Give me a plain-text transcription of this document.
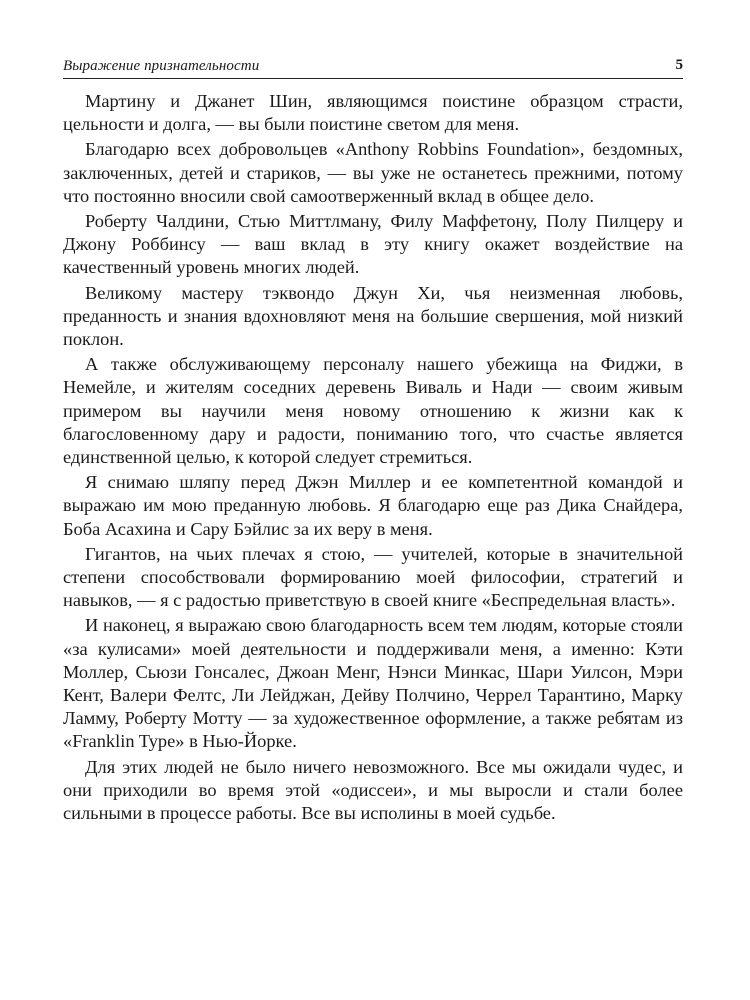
Выражение признательности	5

Мартину и Джанет Шин, являющимся поистине образцом страсти, цельности и долга, — вы были поистине светом для меня.

Благодарю всех добровольцев «Anthony Robbins Foundation», бездомных, заключенных, детей и стариков, — вы уже не останетесь прежними, потому что постоянно вносили свой самоотверженный вклад в общее дело.

Роберту Чалдини, Стью Миттлману, Филу Маффетону, Полу Пилцеру и Джону Роббинсу — ваш вклад в эту книгу окажет воздействие на качественный уровень многих людей.

Великому мастеру тэквондо Джун Хи, чья неизменная любовь, преданность и знания вдохновляют меня на большие свершения, мой низкий поклон.

А также обслуживающему персоналу нашего убежища на Фиджи, в Немейле, и жителям соседних деревень Виваль и Нади — своим живым примером вы научили меня новому отношению к жизни как к благословенному дару и радости, пониманию того, что счастье является единственной целью, к которой следует стремиться.

Я снимаю шляпу перед Джэн Миллер и ее компетентной командой и выражаю им мою преданную любовь. Я благодарю еще раз Дика Снайдера, Боба Асахина и Сару Бэйлис за их веру в меня.

Гигантов, на чьих плечах я стою, — учителей, которые в значительной степени способствовали формированию моей философии, стратегий и навыков, — я с радостью приветствую в своей книге «Беспредельная власть».

И наконец, я выражаю свою благодарность всем тем людям, которые стояли «за кулисами» моей деятельности и поддерживали меня, а именно: Кэти Моллер, Сьюзи Гонсалес, Джоан Менг, Нэнси Минкас, Шари Уилсон, Мэри Кент, Валери Фелтс, Ли Лейджан, Дейву Полчино, Черрел Тарантино, Марку Ламму, Роберту Мотту — за художественное оформление, а также ребятам из «Franklin Type» в Нью-Йорке.

Для этих людей не было ничего невозможного. Все мы ожидали чудес, и они приходили во время этой «одиссеи», и мы выросли и стали более сильными в процессе работы. Все вы исполины в моей судьбе.
